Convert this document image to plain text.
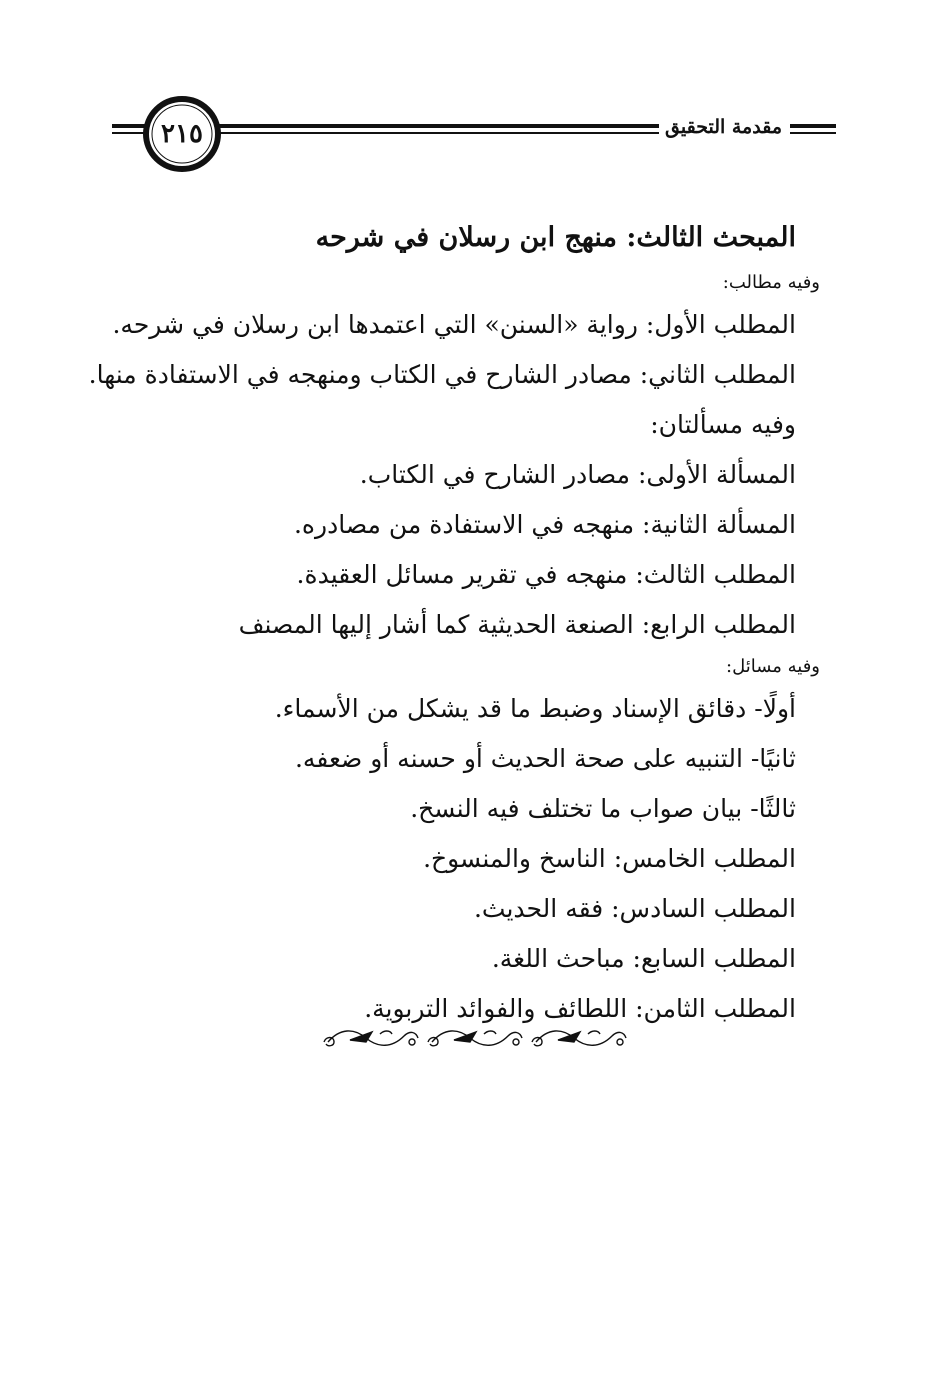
مقدمة التحقيق
٢١٥
المبحث الثالث: منهج ابن رسلان في شرحه
وفيه مطالب:
المطلب الأول: رواية «السنن» التي اعتمدها ابن رسلان في شرحه.
المطلب الثاني: مصادر الشارح في الكتاب ومنهجه في الاستفادة منها.
وفيه مسألتان:
المسألة الأولى: مصادر الشارح في الكتاب.
المسألة الثانية: منهجه في الاستفادة من مصادره.
المطلب الثالث: منهجه في تقرير مسائل العقيدة.
المطلب الرابع: الصنعة الحديثية كما أشار إليها المصنف
وفيه مسائل:
أولًا- دقائق الإسناد وضبط ما قد يشكل من الأسماء.
ثانيًا- التنبيه على صحة الحديث أو حسنه أو ضعفه.
ثالثًا- بيان صواب ما تختلف فيه النسخ.
المطلب الخامس: الناسخ والمنسوخ.
المطلب السادس: فقه الحديث.
المطلب السابع: مباحث اللغة.
المطلب الثامن: اللطائف والفوائد التربوية.
